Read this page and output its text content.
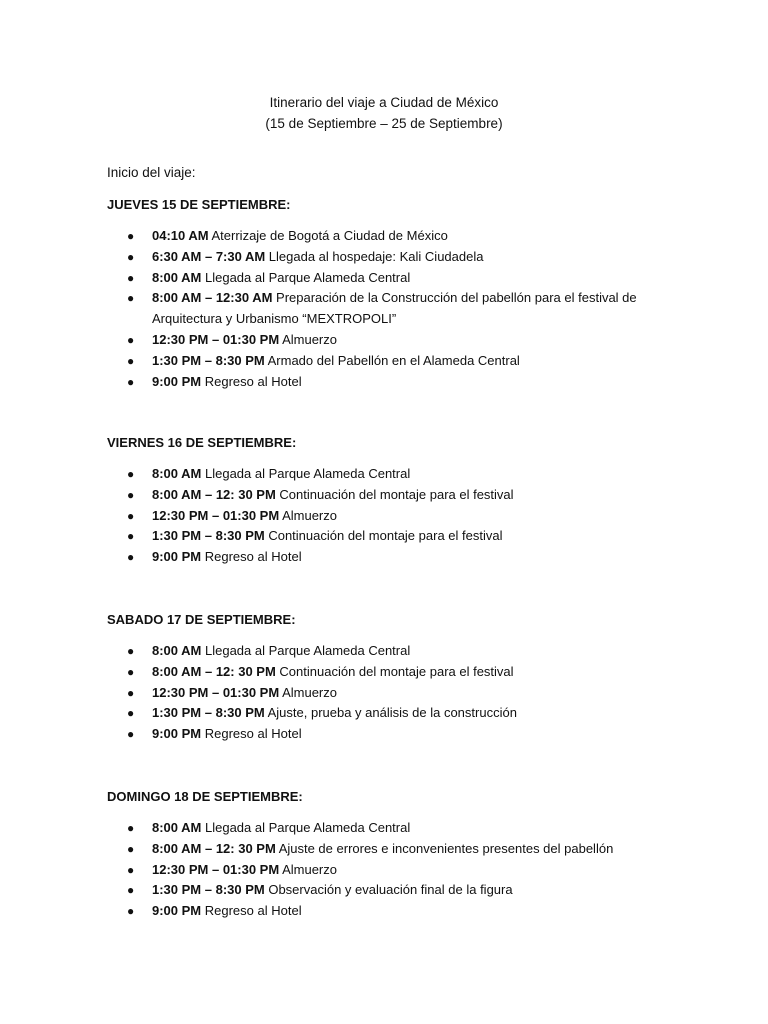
Itinerario del viaje a Ciudad de México
(15 de Septiembre – 25 de Septiembre)
Inicio del viaje:
JUEVES 15 DE SEPTIEMBRE:
● 04:10 AM Aterrizaje de Bogotá a Ciudad de México
● 6:30 AM – 7:30 AM Llegada al hospedaje: Kali Ciudadela
● 8:00 AM Llegada al Parque Alameda Central
● 8:00 AM – 12:30 AM Preparación de la Construcción del pabellón para el festival de Arquitectura y Urbanismo “MEXTROPOLI”
● 12:30 PM – 01:30 PM Almuerzo
● 1:30 PM – 8:30 PM Armado del Pabellón en el Alameda Central
● 9:00 PM Regreso al Hotel
VIERNES 16 DE SEPTIEMBRE:
● 8:00 AM Llegada al Parque Alameda Central
● 8:00 AM – 12: 30 PM Continuación del montaje para el festival
● 12:30 PM – 01:30 PM Almuerzo
● 1:30 PM – 8:30 PM Continuación del montaje para el festival
● 9:00 PM Regreso al Hotel
SABADO 17 DE SEPTIEMBRE:
● 8:00 AM Llegada al Parque Alameda Central
● 8:00 AM – 12: 30 PM Continuación del montaje para el festival
● 12:30 PM – 01:30 PM Almuerzo
● 1:30 PM – 8:30 PM Ajuste, prueba y análisis de la construcción
● 9:00 PM Regreso al Hotel
DOMINGO 18 DE SEPTIEMBRE:
● 8:00 AM Llegada al Parque Alameda Central
● 8:00 AM – 12: 30 PM Ajuste de errores e inconvenientes presentes del pabellón
● 12:30 PM – 01:30 PM Almuerzo
● 1:30 PM – 8:30 PM Observación y evaluación final de la figura
● 9:00 PM Regreso al Hotel
